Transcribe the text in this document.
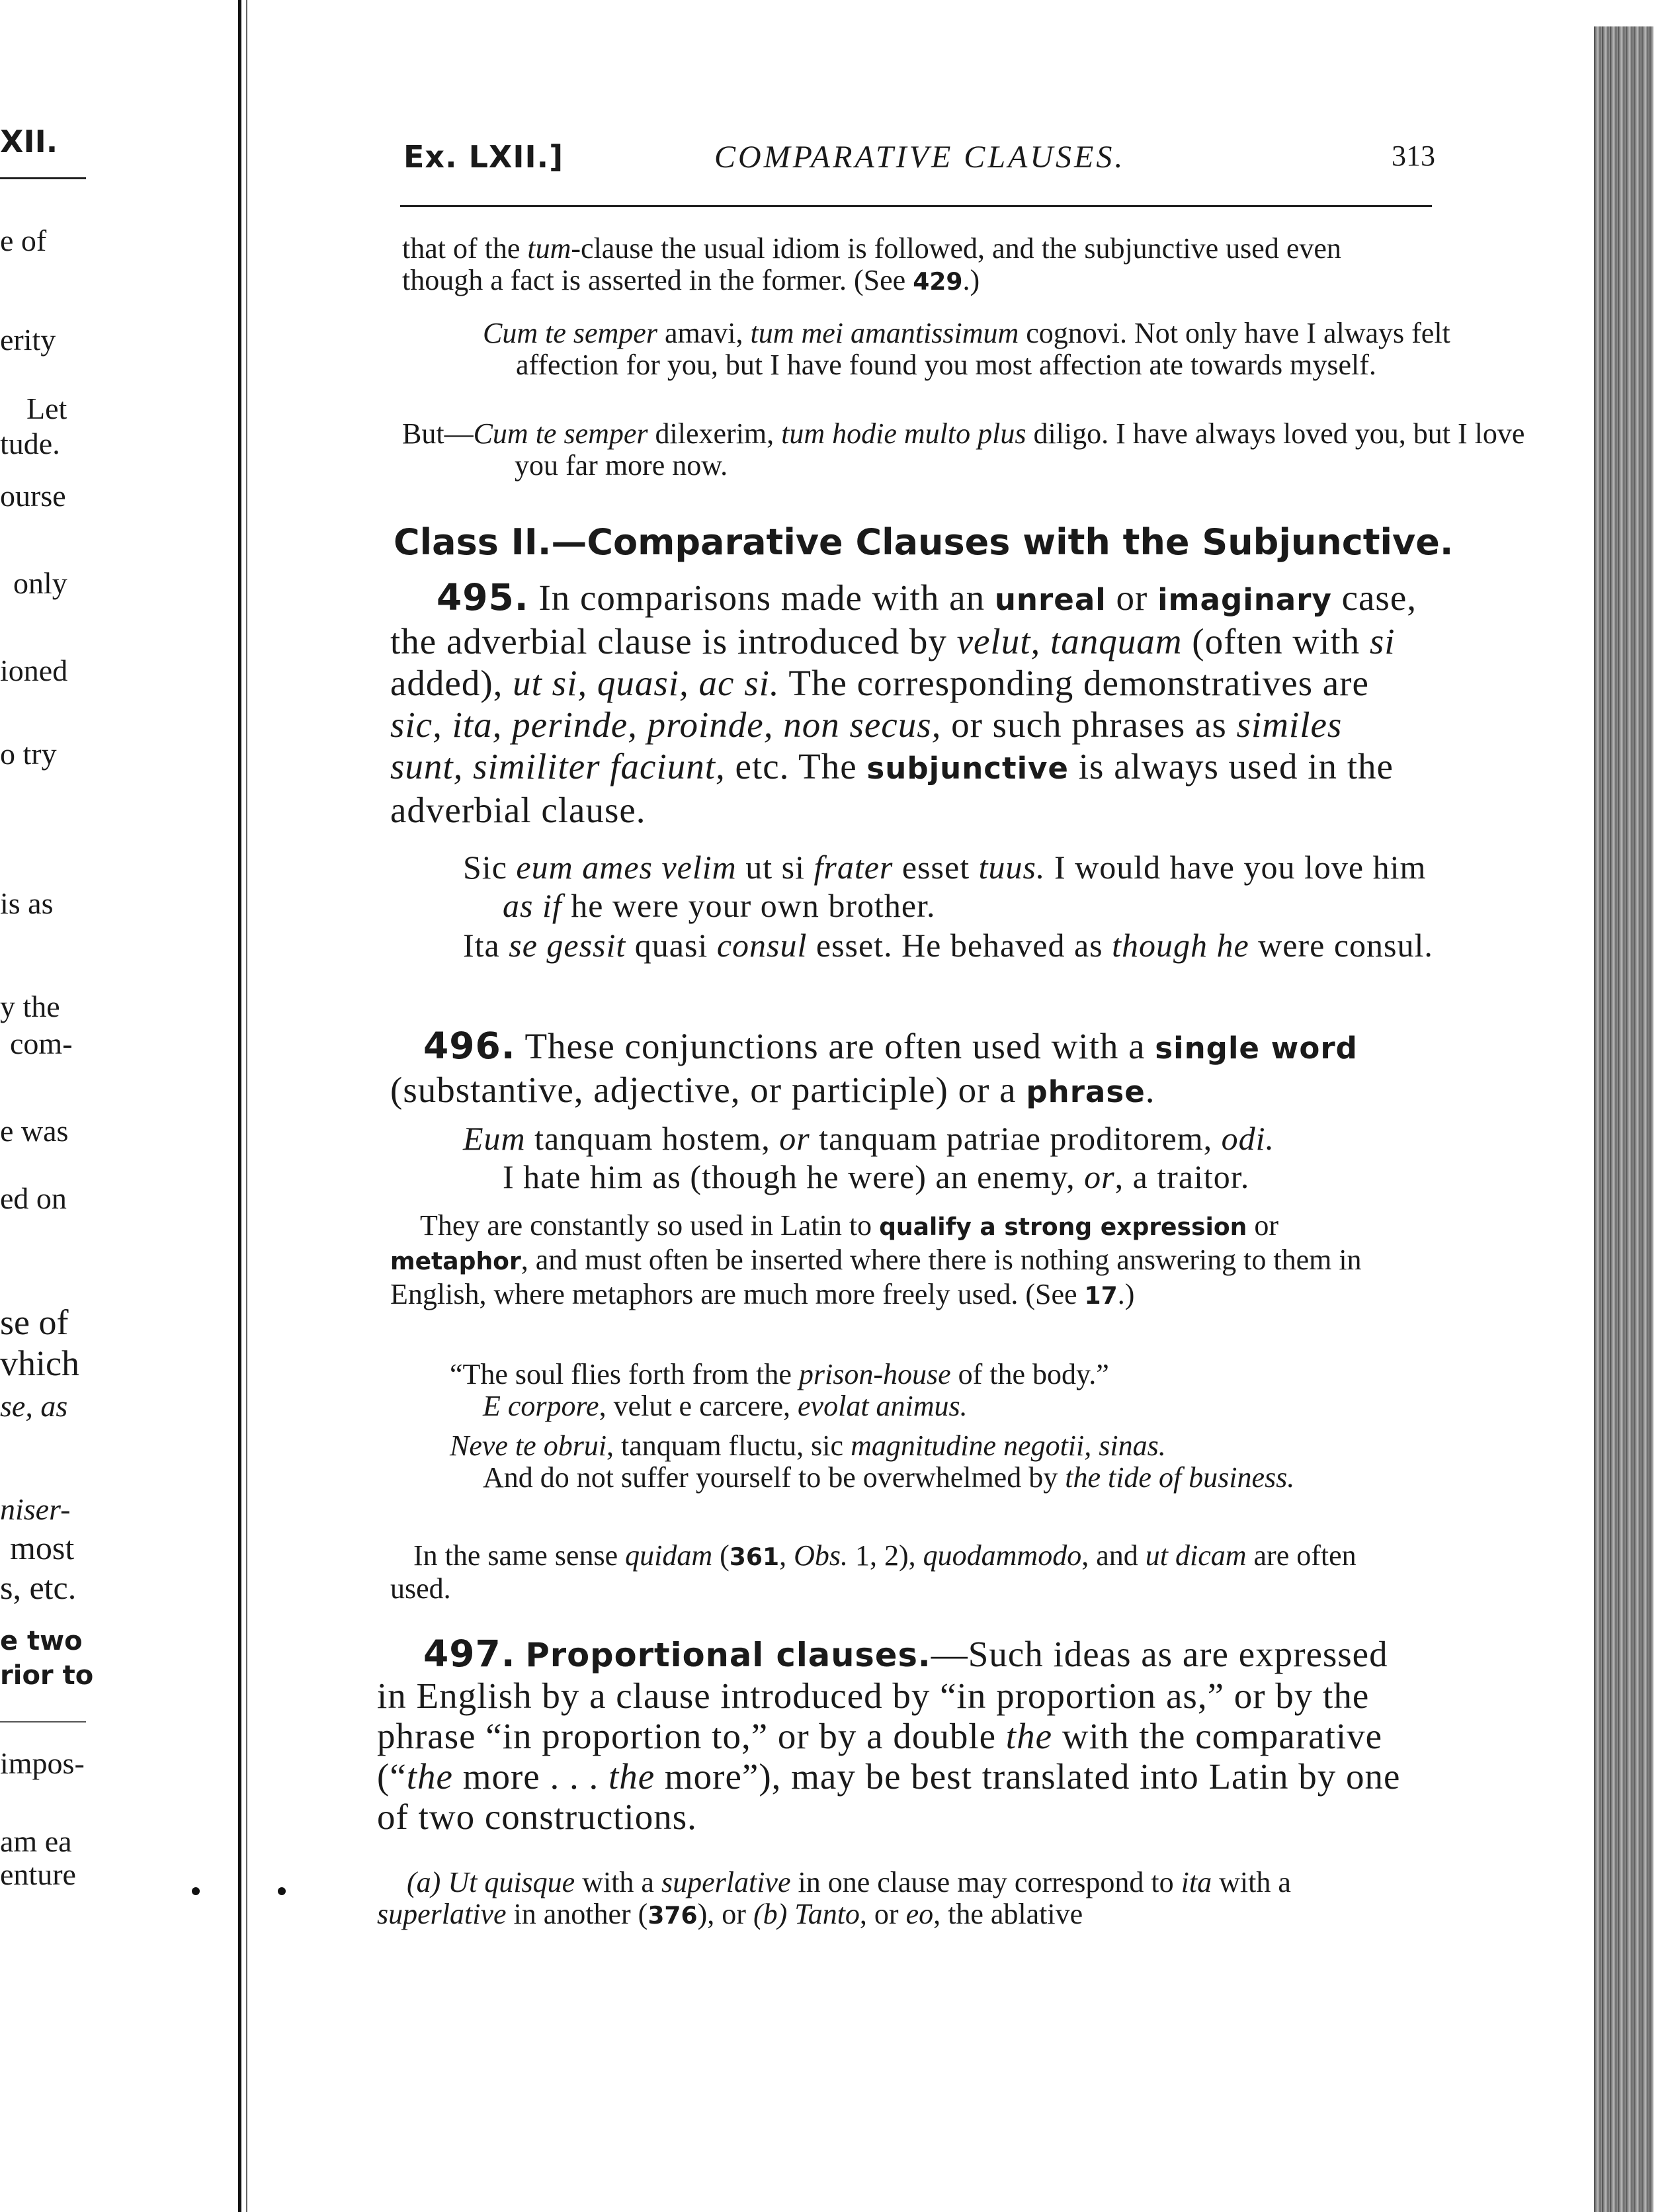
XII.
e of
erity
Let
tude.
ourse
only
ioned
o try
is as
y the
com-
e was
ed on
se of
vhich
se, as
niser-
most
s, etc.
e two
rior to
impos-
am ea
enture
Ex. LXII.]	COMPARATIVE CLAUSES.	313

that of the tum-clause the usual idiom is followed, and the subjunctive used even though a fact is asserted in the former. (See 429.)

Cum te semper amavi, tum mei amantissimum cognovi. Not only have I always felt affection for you, but I have found you most affection ate towards myself.

But—Cum te semper dilexerim, tum hodie multo plus diligo. I have always loved you, but I love you far more now.

Class II.—Comparative Clauses with the Subjunctive.

495. In comparisons made with an unreal or imaginary case, the adverbial clause is introduced by velut, tanquam (often with si added), ut si, quasi, ac si. The corresponding demonstratives are sic, ita, perinde, proinde, non secus, or such phrases as similes sunt, similiter faciunt, etc. The subjunctive is always used in the adverbial clause.

Sic eum ames velim ut si frater esset tuus. I would have you love him as if he were your own brother.

Ita se gessit quasi consul esset. He behaved as though he were consul.

496. These conjunctions are often used with a single word (substantive, adjective, or participle) or a phrase.

Eum tanquam hostem, or tanquam patriae proditorem, odi.
I hate him as (though he were) an enemy, or, a traitor.

They are constantly so used in Latin to qualify a strong expression or metaphor, and must often be inserted where there is nothing answering to them in English, where metaphors are much more freely used. (See 17.)

“The soul flies forth from the prison-house of the body.”
E corpore, velut e carcere, evolat animus.

Neve te obrui, tanquam fluctu, sic magnitudine negotii, sinas.
And do not suffer yourself to be overwhelmed by the tide of business.

In the same sense quidam (361, Obs. 1, 2), quodammodo, and ut dicam are often used.

497. Proportional clauses.—Such ideas as are expressed in English by a clause introduced by “in proportion as,” or by the phrase “in proportion to,” or by a double the with the comparative (“the more . . . the more”), may be best translated into Latin by one of two constructions.

(a) Ut quisque with a superlative in one clause may correspond to ita with a superlative in another (376), or (b) Tanto, or eo, the ablative
